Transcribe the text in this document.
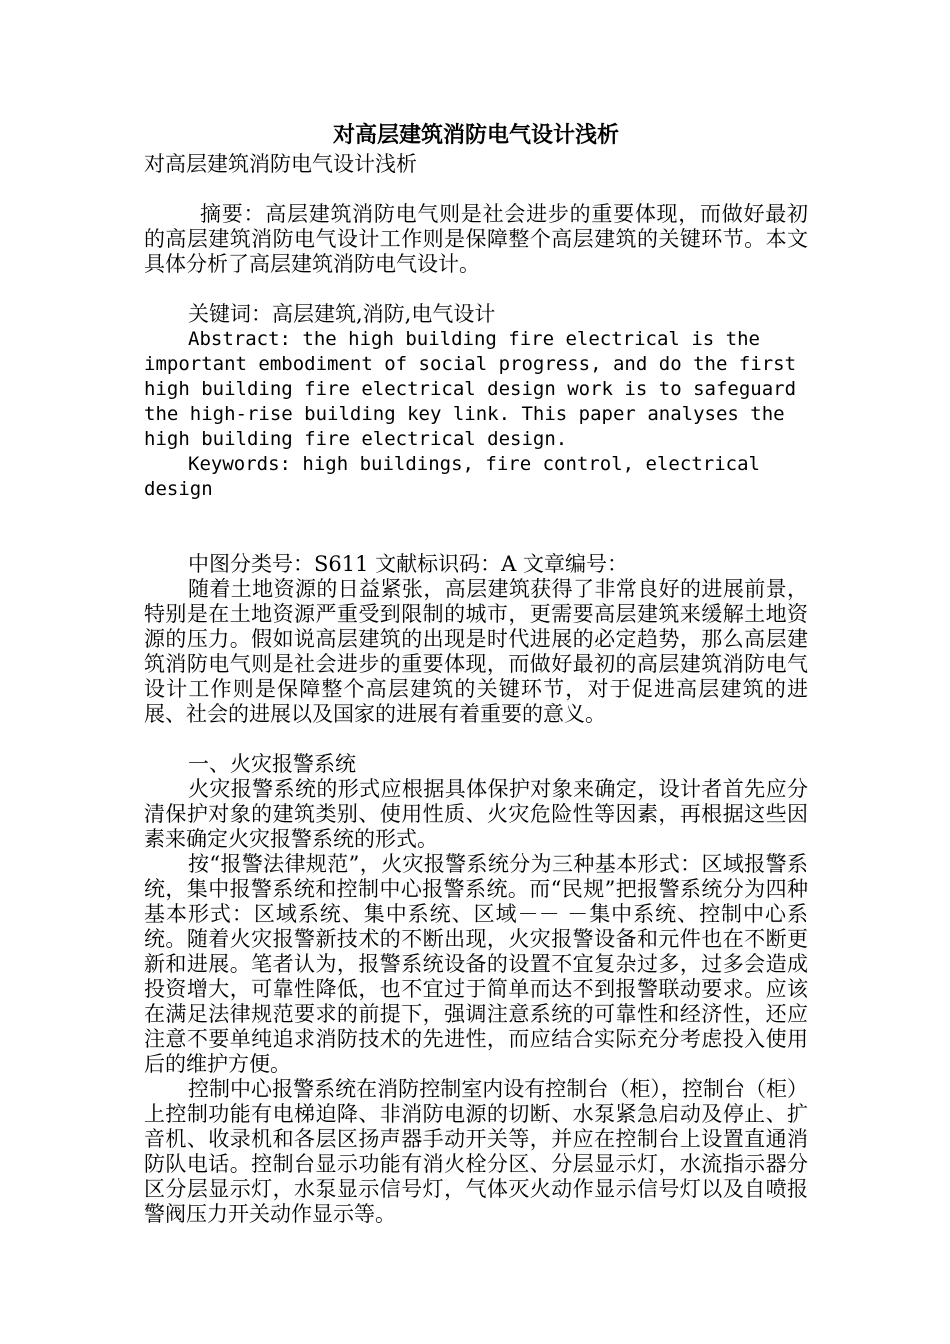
对高层建筑消防电气设计浅析

对高层建筑消防电气设计浅析

摘要：高层建筑消防电气则是社会进步的重要体现，而做好最初的高层建筑消防电气设计工作则是保障整个高层建筑的关键环节。本文具体分析了高层建筑消防电气设计。

关键词：高层建筑,消防,电气设计

Abstract: the high building fire electrical is the important embodiment of social progress, and do the first high building fire electrical design work is to safeguard the high-rise building key link. This paper analyses the high building fire electrical design.

Keywords: high buildings, fire control, electrical design

中图分类号：S611 文献标识码：A 文章编号：

随着土地资源的日益紧张，高层建筑获得了非常良好的进展前景，特别是在土地资源严重受到限制的城市，更需要高层建筑来缓解土地资源的压力。假如说高层建筑的出现是时代进展的必定趋势，那么高层建筑消防电气则是社会进步的重要体现，而做好最初的高层建筑消防电气设计工作则是保障整个高层建筑的关键环节，对于促进高层建筑的进展、社会的进展以及国家的进展有着重要的意义。

一、火灾报警系统

火灾报警系统的形式应根据具体保护对象来确定，设计者首先应分清保护对象的建筑类别、使用性质、火灾危险性等因素，再根据这些因素来确定火灾报警系统的形式。

按“报警法律规范”，火灾报警系统分为三种基本形式：区域报警系统，集中报警系统和控制中心报警系统。而“民规”把报警系统分为四种基本形式：区域系统、集中系统、区域－－ －集中系统、控制中心系统。随着火灾报警新技术的不断出现，火灾报警设备和元件也在不断更新和进展。笔者认为，报警系统设备的设置不宜复杂过多，过多会造成投资增大，可靠性降低，也不宜过于简单而达不到报警联动要求。应该在满足法律规范要求的前提下，强调注意系统的可靠性和经济性，还应注意不要单纯追求消防技术的先进性，而应结合实际充分考虑投入使用后的维护方便。

控制中心报警系统在消防控制室内设有控制台（柜），控制台（柜）上控制功能有电梯迫降、非消防电源的切断、水泵紧急启动及停止、扩音机、收录机和各层区扬声器手动开关等，并应在控制台上设置直通消防队电话。控制台显示功能有消火栓分区、分层显示灯，水流指示器分区分层显示灯，水泵显示信号灯，气体灭火动作显示信号灯以及自喷报警阀压力开关动作显示等。
